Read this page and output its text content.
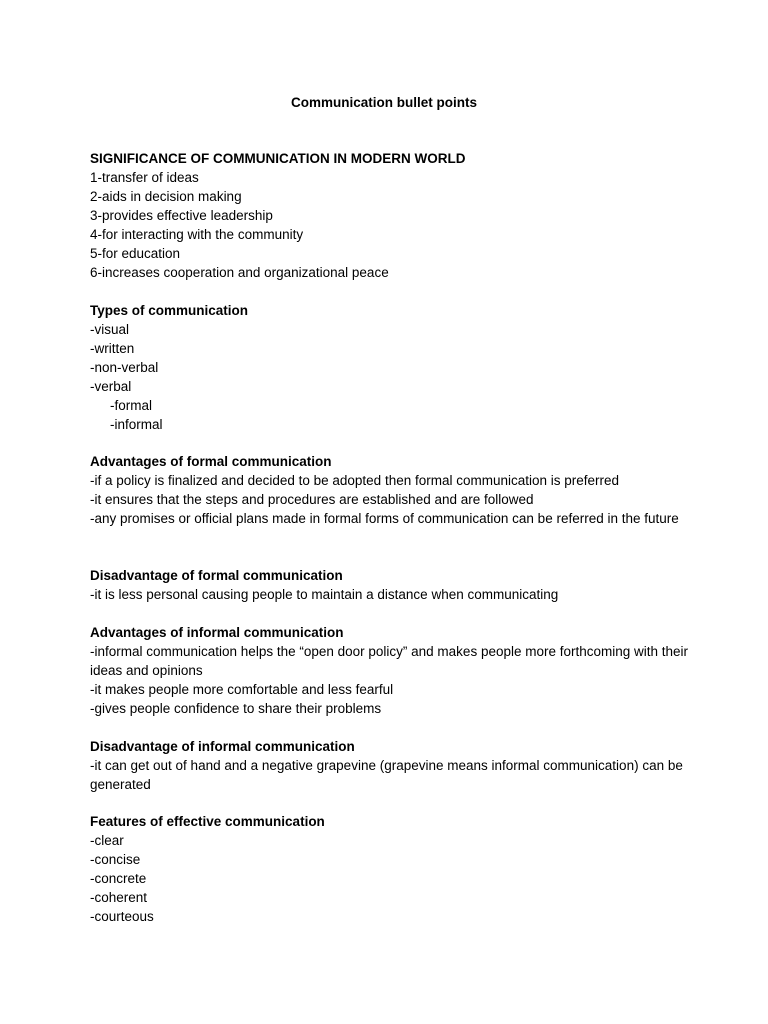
Communication bullet points
SIGNIFICANCE OF COMMUNICATION IN MODERN WORLD
1-transfer of ideas
2-aids in decision making
3-provides effective leadership
4-for interacting with the community
5-for education
6-increases cooperation and organizational peace
Types of communication
-visual
-written
-non-verbal
-verbal
-formal
-informal
Advantages of formal communication
-if a policy is finalized and decided to be adopted then formal communication is preferred
-it ensures that the steps and procedures are established and are followed
-any promises or official plans made in formal forms of communication can be referred in the future
Disadvantage of formal communication
-it is less personal causing people to maintain a distance when communicating
Advantages of informal communication
-informal communication helps the “open door policy” and makes people more forthcoming with their ideas and opinions
-it makes people more comfortable and less fearful
-gives people confidence to share their problems
Disadvantage of informal communication
-it can get out of hand and a negative grapevine (grapevine means informal communication) can be generated
Features of effective communication
-clear
-concise
-concrete
-coherent
-courteous
